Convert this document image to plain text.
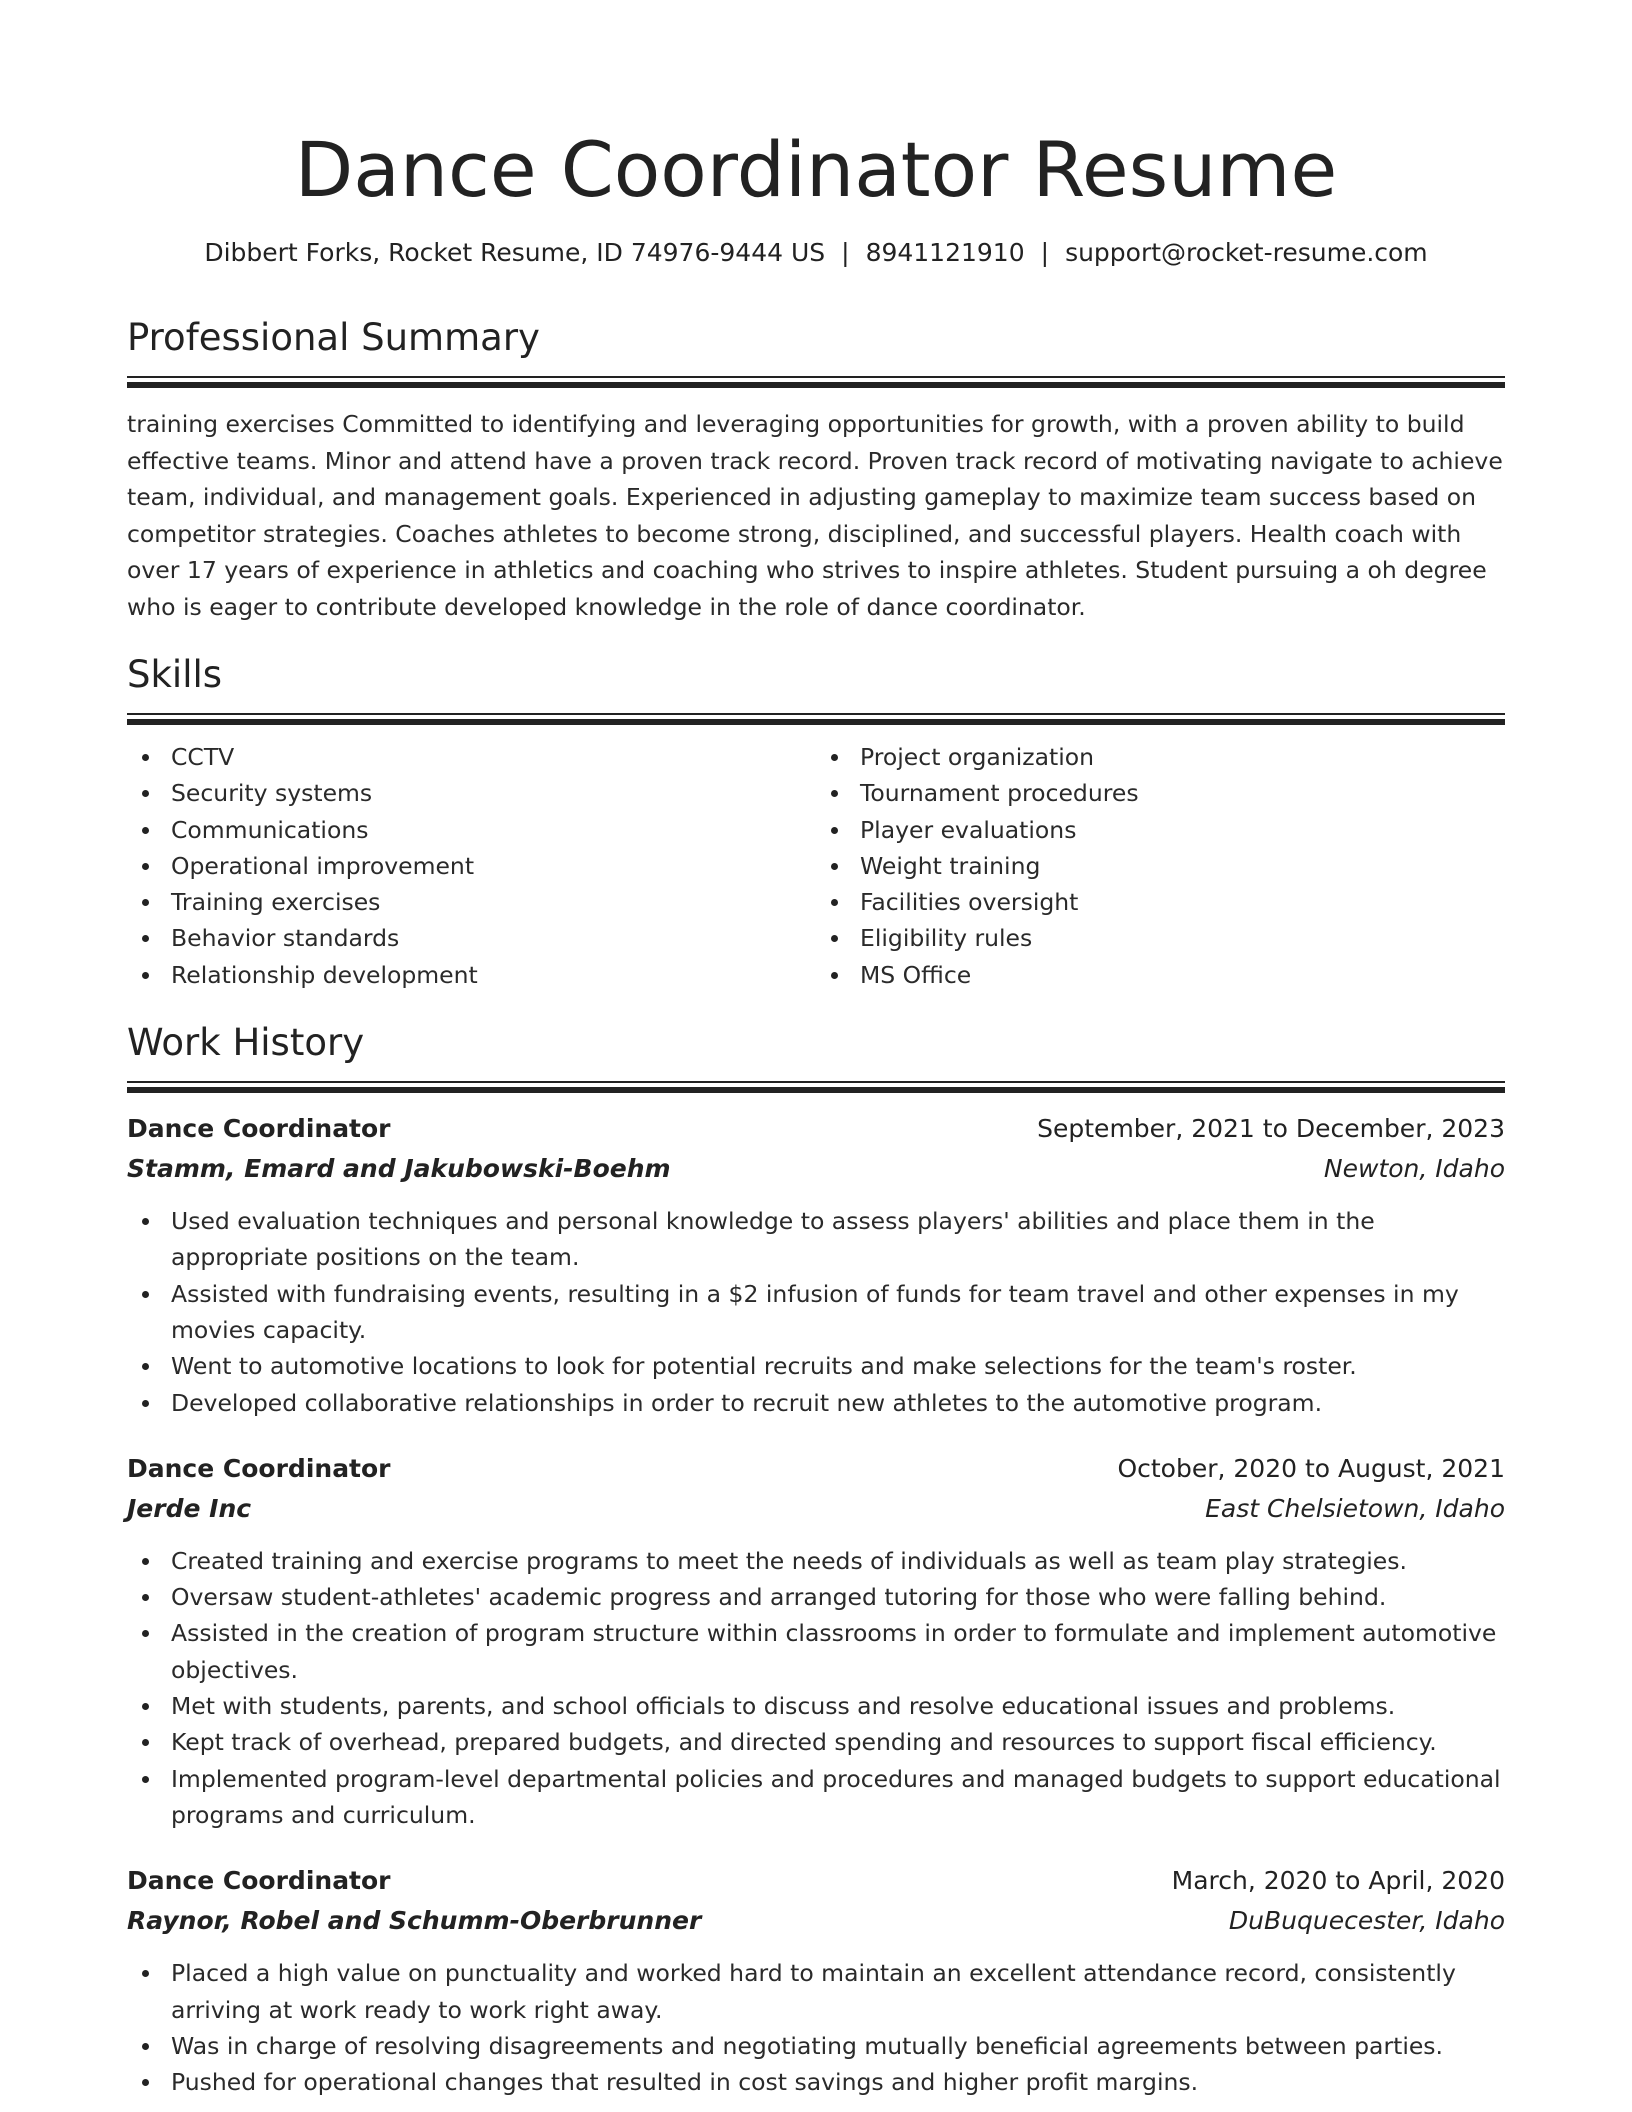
Dance Coordinator Resume
Dibbert Forks, Rocket Resume, ID 74976-9444 US | 8941121910 | support@rocket-resume.com
Professional Summary

training exercises Committed to identifying and leveraging opportunities for growth, with a proven ability to build effective teams. Minor and attend have a proven track record. Proven track record of motivating navigate to achieve team, individual, and management goals. Experienced in adjusting gameplay to maximize team success based on competitor strategies. Coaches athletes to become strong, disciplined, and successful players. Health coach with over 17 years of experience in athletics and coaching who strives to inspire athletes. Student pursuing a oh degree who is eager to contribute developed knowledge in the role of dance coordinator.

Skills
CCTV
Security systems
Communications
Operational improvement
Training exercises
Behavior standards
Relationship development
Project organization
Tournament procedures
Player evaluations
Weight training
Facilities oversight
Eligibility rules
MS Office
Work History
Dance Coordinator	September, 2021 to December, 2023
Stamm, Emard and Jakubowski-Boehm	Newton, Idaho
Used evaluation techniques and personal knowledge to assess players' abilities and place them in the appropriate positions on the team.
Assisted with fundraising events, resulting in a $2 infusion of funds for team travel and other expenses in my movies capacity.
Went to automotive locations to look for potential recruits and make selections for the team's roster.
Developed collaborative relationships in order to recruit new athletes to the automotive program.
Dance Coordinator	October, 2020 to August, 2021
Jerde Inc	East Chelsietown, Idaho
Created training and exercise programs to meet the needs of individuals as well as team play strategies.
Oversaw student-athletes' academic progress and arranged tutoring for those who were falling behind.
Assisted in the creation of program structure within classrooms in order to formulate and implement automotive objectives.
Met with students, parents, and school officials to discuss and resolve educational issues and problems.
Kept track of overhead, prepared budgets, and directed spending and resources to support fiscal efficiency.
Implemented program-level departmental policies and procedures and managed budgets to support educational programs and curriculum.
Dance Coordinator	March, 2020 to April, 2020
Raynor, Robel and Schumm-Oberbrunner	DuBuquecester, Idaho
Placed a high value on punctuality and worked hard to maintain an excellent attendance record, consistently arriving at work ready to work right away.
Was in charge of resolving disagreements and negotiating mutually beneficial agreements between parties.
Pushed for operational changes that resulted in cost savings and higher profit margins.
